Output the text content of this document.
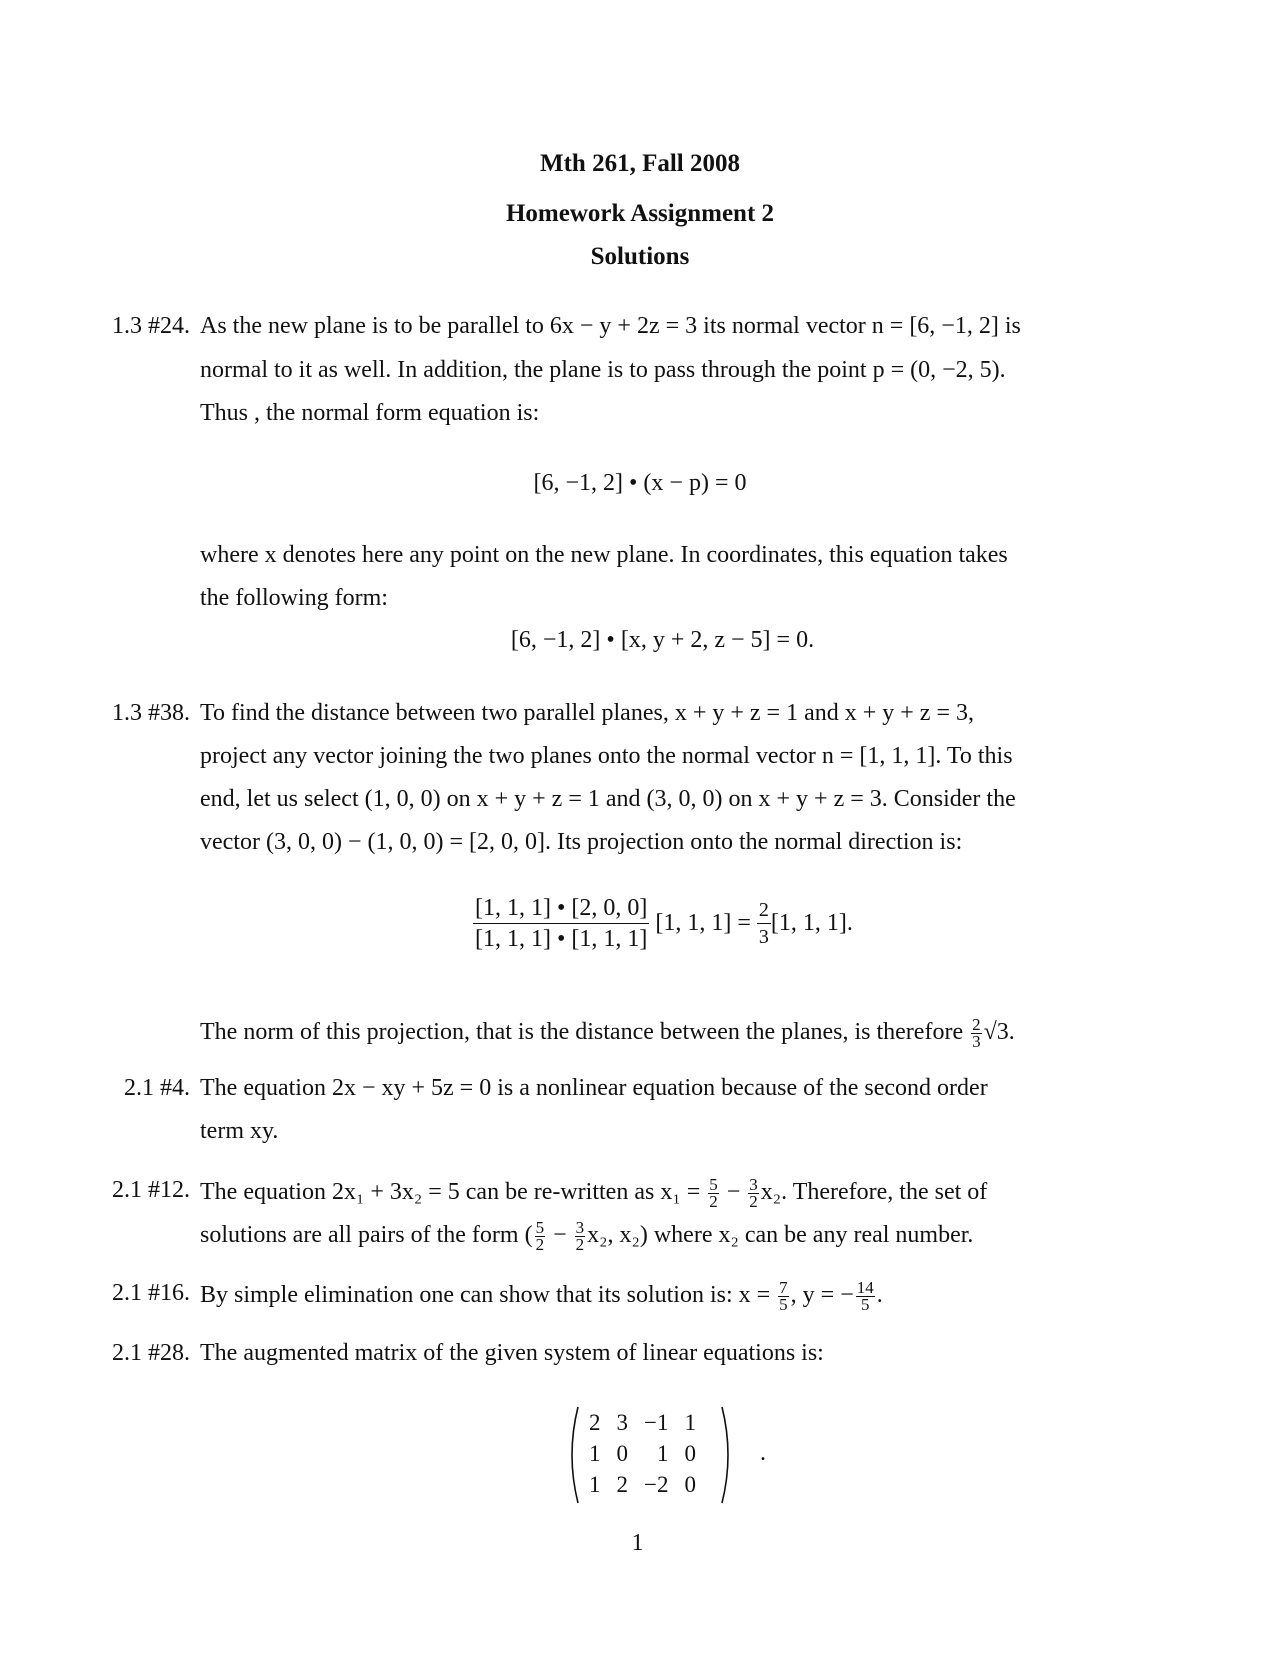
Mth 261, Fall 2008
Homework Assignment 2
Solutions
1.3 #24. As the new plane is to be parallel to 6x − y + 2z = 3 its normal vector n = [6, −1, 2] is
normal to it as well. In addition, the plane is to pass through the point p = (0, −2, 5).
Thus , the normal form equation is:
[6, −1, 2] • (x − p) = 0
where x denotes here any point on the new plane. In coordinates, this equation takes
the following form:
[6, −1, 2] • [x, y + 2, z − 5] = 0.
1.3 #38. To find the distance between two parallel planes, x + y + z = 1 and x + y + z = 3,
project any vector joining the two planes onto the normal vector n = [1, 1, 1]. To this
end, let us select (1, 0, 0) on x + y + z = 1 and (3, 0, 0) on x + y + z = 3. Consider the
vector (3, 0, 0) − (1, 0, 0) = [2, 0, 0]. Its projection onto the normal direction is:
$\frac{[1, 1, 1] • [2, 0, 0]}{[1, 1, 1] • [1, 1, 1]} [1$, 1, $1] = \frac{2}{3} [1$, 1, 1].
The norm of this projection, that is the distance between the planes, is therefore $\frac{2}{3} √3$.
2.1 #4. The equation 2x − xy + 5z = 0 is a nonlinear equation because of the second order
term xy.
2.1 #12. The equation 2x₁ + 3x₂ = 5 can be re-written as $x_1 = \frac{5}{2} - \frac{3}{2} x_2$. Therefore, the set of
solutions are all pairs of the form ( $\frac{5}{2} - \frac{3}{2} x_2$, x₂) where x₂ can be any real number.
2.1 #16. By simple elimination one can show that its solution is: $x = \frac{7}{5}$ , y = − $\frac{14}{5}$ .
2.1 #28. The augmented matrix of the given system of linear equations is:
2	3	−1	1
1	0	1	0
1	2	−2	0
.
1
